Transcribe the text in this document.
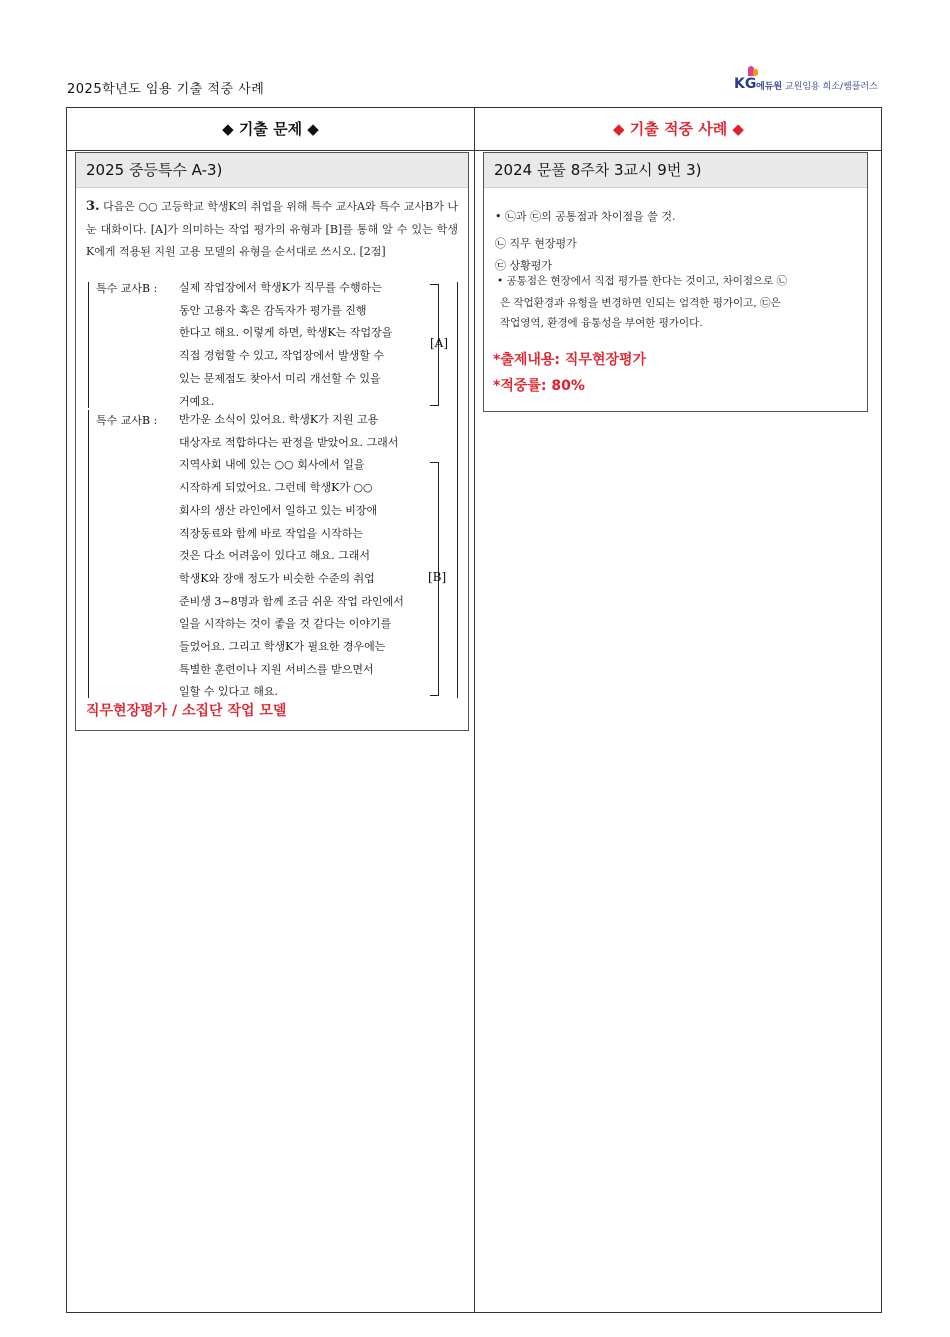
2025학년도 임용 기출 적중 사례	KG 에듀원 교원임용 희소/쌤플러스
◆ 기출 문제 ◆	◆ 기출 적중 사례 ◆
2025 중등특수 A-3)
3. 다음은 ○○ 고등학교 학생K의 취업을 위해 특수 교사A와 특수 교사B가 나눈 대화이다. [A]가 의미하는 작업 평가의 유형과 [B]를 통해 알 수 있는 학생K에게 적용된 지원 고용 모델의 유형을 순서대로 쓰시오. [2점]
[A]
[B]
특수 교사B : 실제 작업장에서 학생K가 직무를 수행하는
동안 고용자 혹은 감독자가 평가를 진행
한다고 해요. 이렇게 하면, 학생K는 작업장을
직접 경험할 수 있고, 작업장에서 발생할 수
있는 문제점도 찾아서 미리 개선할 수 있을
거예요.
특수 교사B : 반가운 소식이 있어요. 학생K가 지원 고용
대상자로 적합하다는 판정을 받았어요. 그래서
지역사회 내에 있는 ○○ 회사에서 일을
시작하게 되었어요. 그런데 학생K가 ○○
회사의 생산 라인에서 일하고 있는 비장애
직장동료와 함께 바로 작업을 시작하는
것은 다소 어려움이 있다고 해요. 그래서
학생K와 장애 정도가 비슷한 수준의 취업
준비생 3~8명과 함께 조금 쉬운 작업 라인에서
일을 시작하는 것이 좋을 것 같다는 이야기를
들었어요. 그리고 학생K가 필요한 경우에는
특별한 훈련이나 지원 서비스를 받으면서
일할 수 있다고 해요.
직무현장평가 / 소집단 작업 모델
2024 문풀 8주차 3교시 9번 3)
• ㉡과 ㉢의 공통점과 차이점을 쓸 것.
㉡ 직무 현장평가
㉢ 상황평가
• 공통점은 현장에서 직접 평가를 한다는 것이고, 차이점으로 ㉡
은 작업환경과 유형을 변경하면 인되는 엄격한 평가이고, ㉢은
작업영역, 환경에 융통성을 부여한 평가이다.
*출제내용: 직무현장평가
*적중률: 80%
